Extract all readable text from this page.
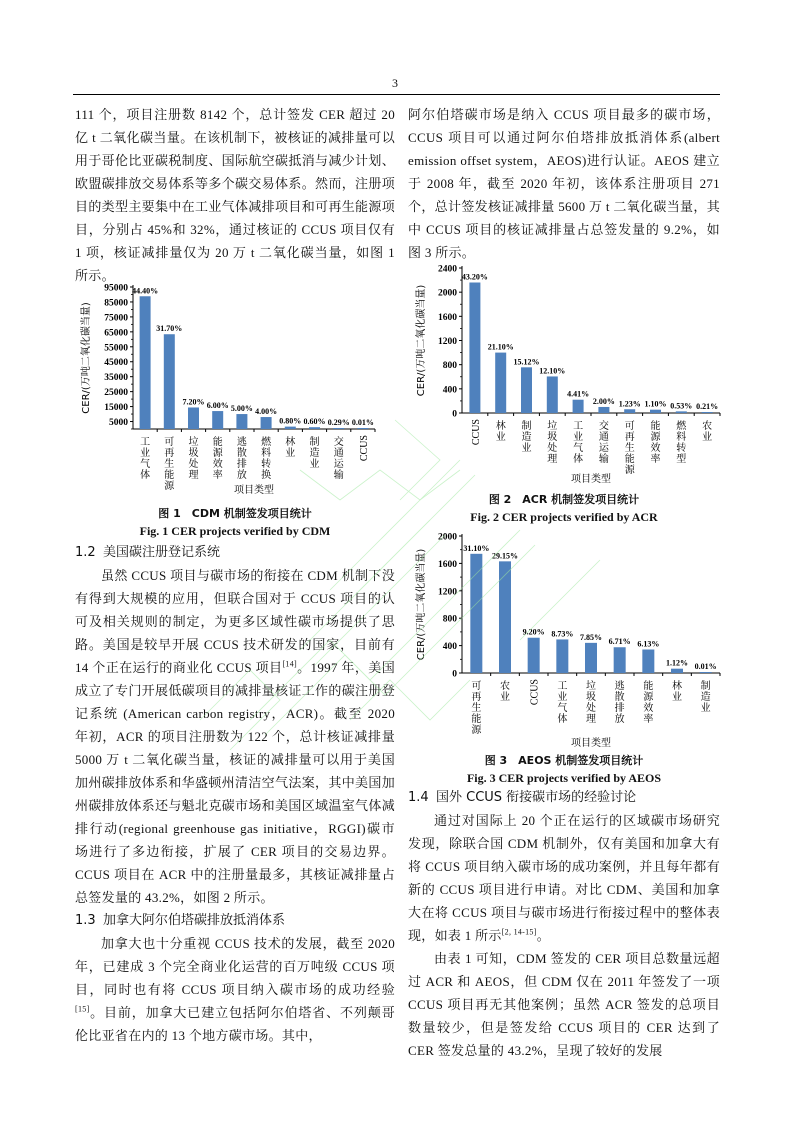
3

111 个，项目注册数 8142 个，总计签发 CER 超过 20 亿 t 二氧化碳当量。在该机制下，被核证的减排量可以用于哥伦比亚碳税制度、国际航空碳抵消与减少计划、欧盟碳排放交易体系等多个碳交易体系。然而，注册项目的类型主要集中在工业气体减排项目和可再生能源项目，分别占 45%和 32%，通过核证的 CCUS 项目仅有 1 项，核证减排量仅为 20 万 t 二氧化碳当量，如图 1 所示。

5000
15000
25000
35000
45000
55000
65000
75000
85000
95000
工
业
气
体
44.40%
可
再
生
能
源
31.70%
垃
圾
处
理
7.20%
能
源
效
率
6.00%
逃
散
排
放
5.00%
燃
料
转
换
4.00%
林
业
0.80%
制
造
业
0.60%
交
通
运
输
0.29%
CCUS
0.01%
CER/(万吨二氧化碳当量)
项目类型
图 1　CDM 机制签发项目统计
Fig. 1 CER projects verified by CDM
1.2 美国碳注册登记系统

虽然 CCUS 项目与碳市场的衔接在 CDM 机制下没有得到大规模的应用，但联合国对于 CCUS 项目的认可及相关规则的制定，为更多区域性碳市场提供了思路。美国是较早开展 CCUS 技术研发的国家，目前有 14 个正在运行的商业化 CCUS 项目[14]。1997 年，美国成立了专门开展低碳项目的减排量核证工作的碳注册登记系统 (American carbon registry，ACR)。截至 2020 年初，ACR 的项目注册数为 122 个，总计核证减排量 5000 万 t 二氧化碳当量，核证的减排量可以用于美国加州碳排放体系和华盛顿州清洁空气法案，其中美国加州碳排放体系还与魁北克碳市场和美国区域温室气体减排行动(regional greenhouse gas initiative，RGGI)碳市场进行了多边衔接，扩展了 CER 项目的交易边界。CCUS 项目在 ACR 中的注册量最多，其核证减排量占总签发量的 43.2%，如图 2 所示。

1.3 加拿大阿尔伯塔碳排放抵消体系

加拿大也十分重视 CCUS 技术的发展，截至 2020 年，已建成 3 个完全商业化运营的百万吨级 CCUS 项目，同时也有将 CCUS 项目纳入碳市场的成功经验[15]。目前，加拿大已建立包括阿尔伯塔省、不列颠哥伦比亚省在内的 13 个地方碳市场。其中，

阿尔伯塔碳市场是纳入 CCUS 项目最多的碳市场，CCUS 项目可以通过阿尔伯塔排放抵消体系(albert emission offset system，AEOS)进行认证。AEOS 建立于 2008 年，截至 2020 年初，该体系注册项目 271 个，总计签发核证减排量 5600 万 t 二氧化碳当量，其中 CCUS 项目的核证减排量占总签发量的 9.2%，如图 3 所示。

0
400
800
1200
1600
2000
2400
CCUS
43.20%
林
业
21.10%
制
造
业
15.12%
垃
圾
处
理
12.10%
工
业
气
体
4.41%
交
通
运
输
2.00%
可
再
生
能
源
1.23%
能
源
效
率
1.10%
燃
料
转
型
0.53%
农
业
0.21%
CER/(万吨二氧化碳当量)
项目类型
图 2　ACR 机制签发项目统计
Fig. 2 CER projects verified by ACR
0
400
800
1200
1600
2000
可
再
生
能
源
31.10%
农
业
29.15%
CCUS
9.20%
工
业
气
体
8.73%
垃
圾
处
理
7.85%
逃
散
排
放
6.71%
能
源
效
率
6.13%
林
业
1.12%
制
造
业
0.01%
CER/(万吨二氧化碳当量)
项目类型
图 3　AEOS 机制签发项目统计
Fig. 3 CER projects verified by AEOS
1.4 国外 CCUS 衔接碳市场的经验讨论

通过对国际上 20 个正在运行的区域碳市场研究发现，除联合国 CDM 机制外，仅有美国和加拿大有将 CCUS 项目纳入碳市场的成功案例，并且每年都有新的 CCUS 项目进行申请。对比 CDM、美国和加拿大在将 CCUS 项目与碳市场进行衔接过程中的整体表现，如表 1 所示[2, 14-15]。

由表 1 可知，CDM 签发的 CER 项目总数量远超过 ACR 和 AEOS，但 CDM 仅在 2011 年签发了一项 CCUS 项目再无其他案例；虽然 ACR 签发的总项目数量较少，但是签发给 CCUS 项目的 CER 达到了 CER 签发总量的 43.2%，呈现了较好的发展
